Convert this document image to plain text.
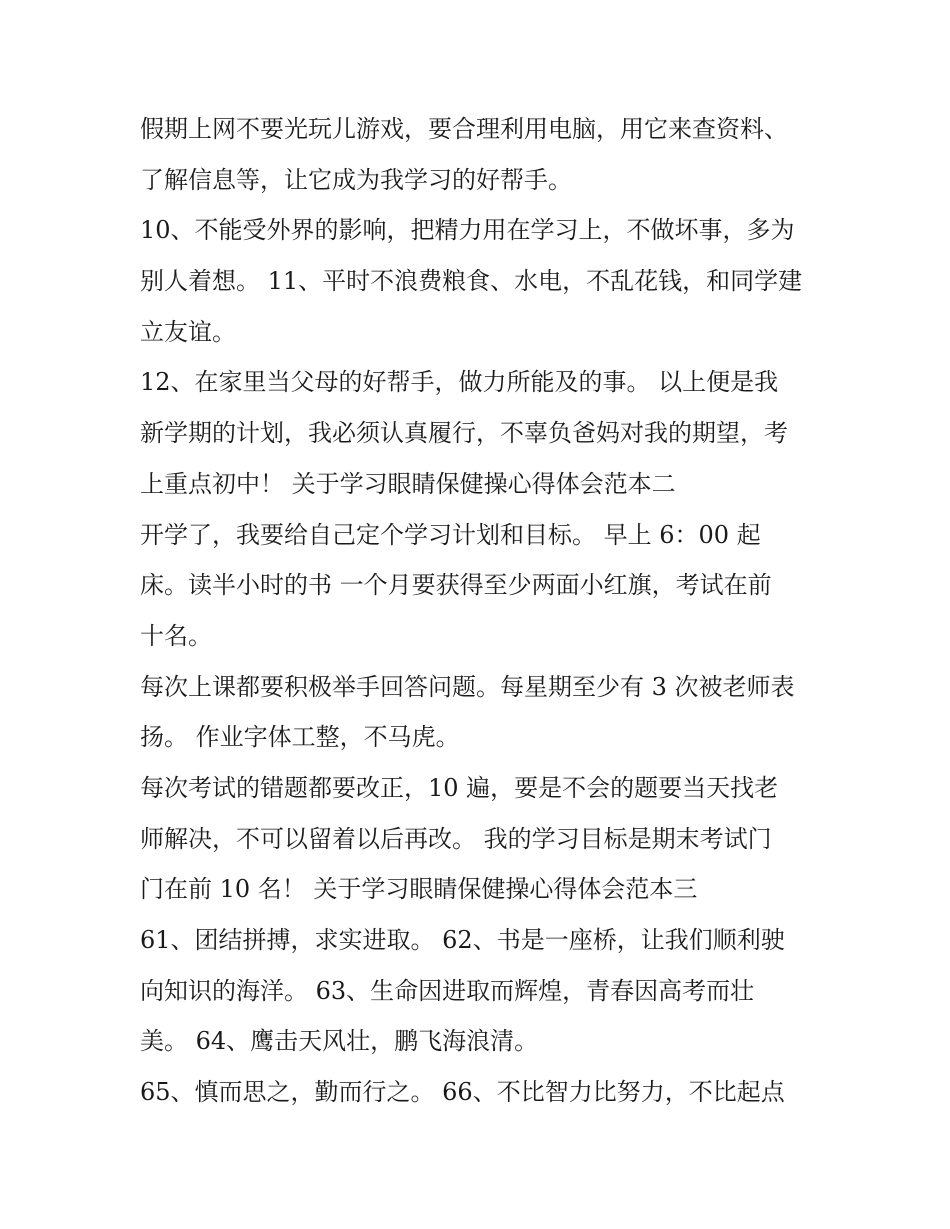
假期上网不要光玩儿游戏，要合理利用电脑，用它来查资料、
了解信息等，让它成为我学习的好帮手。
10、不能受外界的影响，把精力用在学习上，不做坏事，多为
别人着想。 11、平时不浪费粮食、水电，不乱花钱，和同学建
立友谊。
12、在家里当父母的好帮手，做力所能及的事。 以上便是我
新学期的计划，我必须认真履行，不辜负爸妈对我的期望，考
上重点初中！ 关于学习眼睛保健操心得体会范本二
开学了，我要给自己定个学习计划和目标。 早上 6：00 起
床。读半小时的书 一个月要获得至少两面小红旗，考试在前
十名。
每次上课都要积极举手回答问题。每星期至少有 3 次被老师表
扬。 作业字体工整，不马虎。
每次考试的错题都要改正，10 遍，要是不会的题要当天找老
师解决，不可以留着以后再改。 我的学习目标是期末考试门
门在前 10 名！ 关于学习眼睛保健操心得体会范本三
61、团结拼搏，求实进取。 62、书是一座桥，让我们顺利驶
向知识的海洋。 63、生命因进取而辉煌，青春因高考而壮
美。 64、鹰击天风壮，鹏飞海浪清。
65、慎而思之，勤而行之。 66、不比智力比努力，不比起点
